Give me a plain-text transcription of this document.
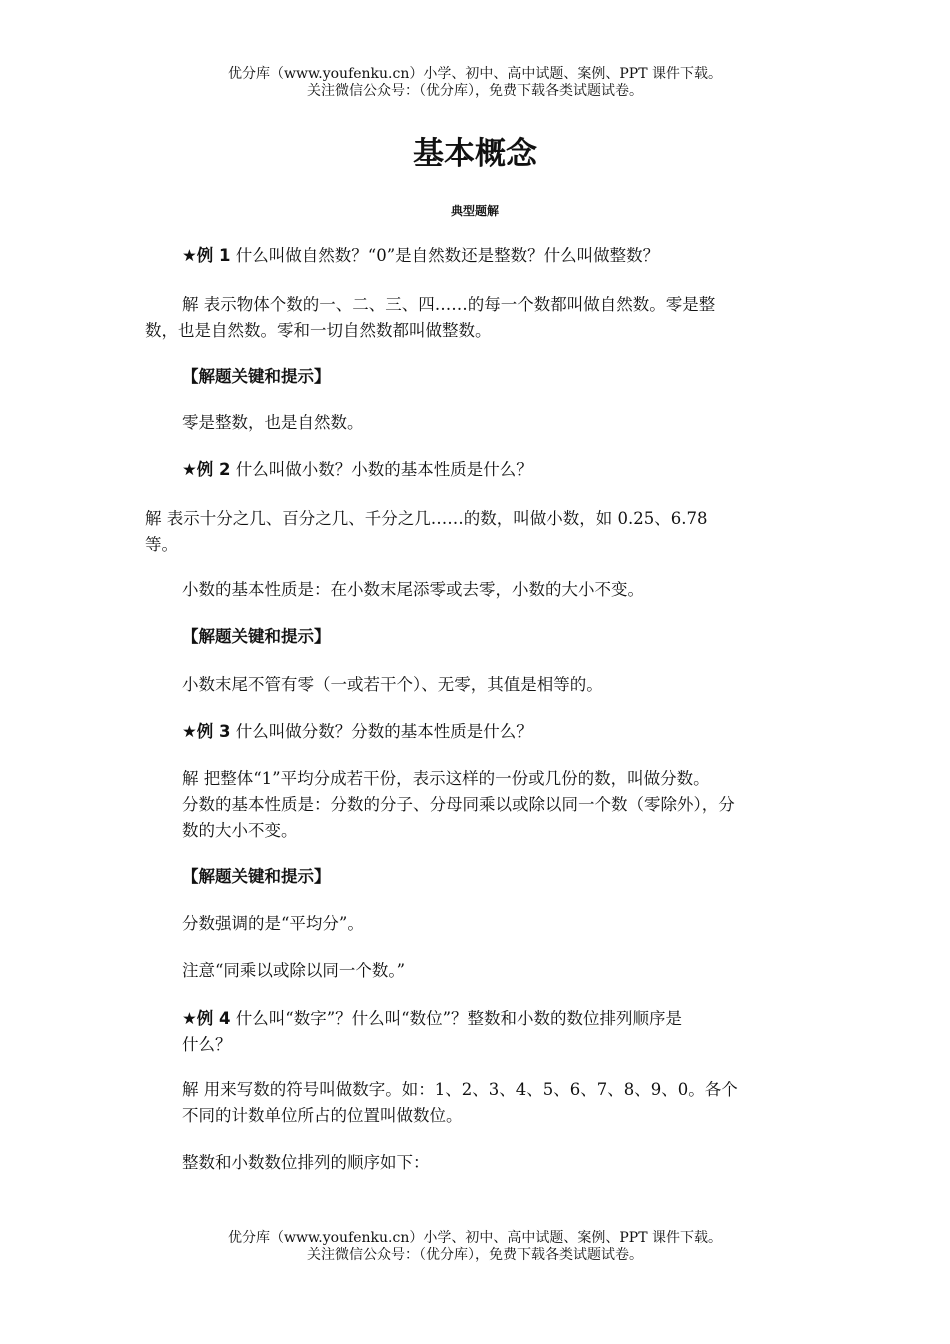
优分库（www.youfenku.cn）小学、初中、高中试题、案例、PPT 课件下载。
关注微信公众号：（优分库），免费下载各类试题试卷。
基本概念
典型题解
★例 1 什么叫做自然数？“0”是自然数还是整数？什么叫做整数？
解 表示物体个数的一、二、三、四……的每一个数都叫做自然数。零是整
数，也是自然数。零和一切自然数都叫做整数。
【解题关键和提示】
零是整数，也是自然数。
★例 2 什么叫做小数？小数的基本性质是什么？
解 表示十分之几、百分之几、千分之几……的数，叫做小数，如 0.25、6.78
等。
小数的基本性质是：在小数末尾添零或去零，小数的大小不变。
【解题关键和提示】
小数末尾不管有零（一或若干个）、无零，其值是相等的。
★例 3 什么叫做分数？分数的基本性质是什么？
解 把整体“1”平均分成若干份，表示这样的一份或几份的数，叫做分数。
分数的基本性质是：分数的分子、分母同乘以或除以同一个数（零除外），分
数的大小不变。
【解题关键和提示】
分数强调的是“平均分”。
注意“同乘以或除以同一个数。”
★例 4 什么叫“数字”？什么叫“数位”？整数和小数的数位排列顺序是
什么？
解 用来写数的符号叫做数字。如：1、2、3、4、5、6、7、8、9、0。各个
不同的计数单位所占的位置叫做数位。
整数和小数数位排列的顺序如下：
优分库（www.youfenku.cn）小学、初中、高中试题、案例、PPT 课件下载。
关注微信公众号：（优分库），免费下载各类试题试卷。
